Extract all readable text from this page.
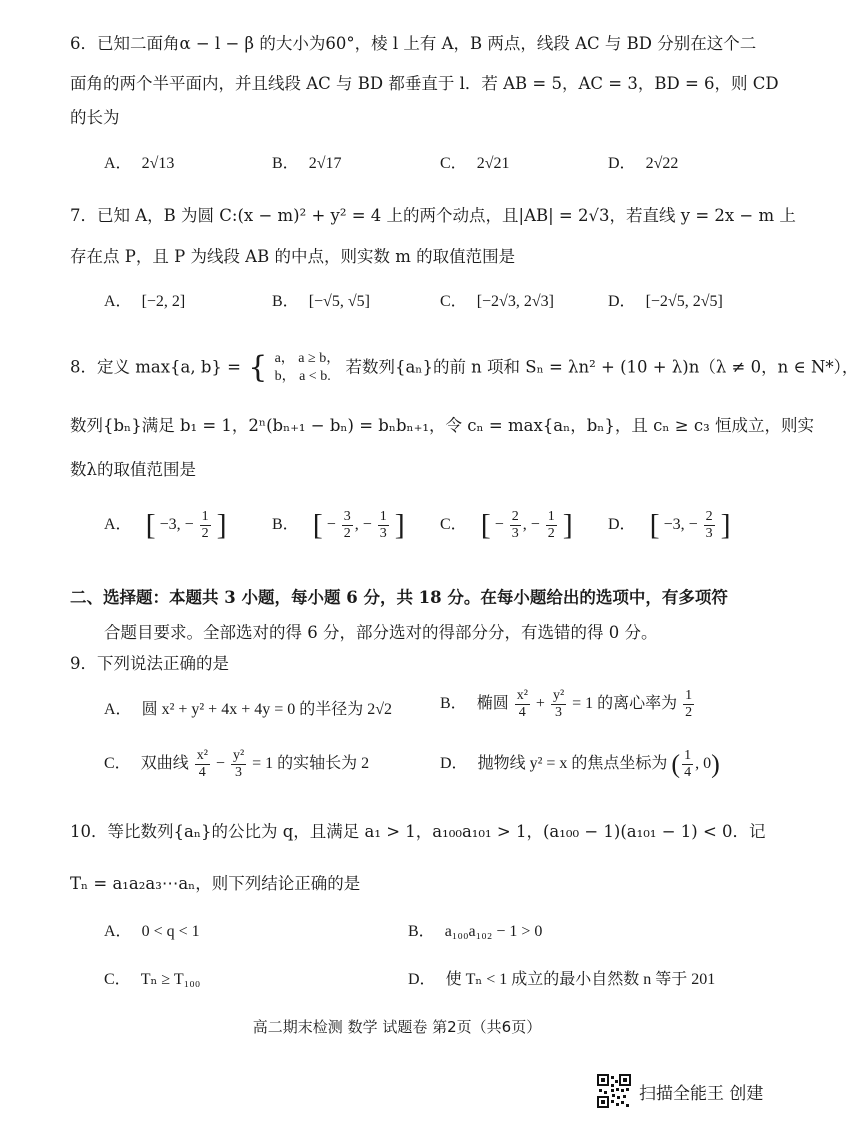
6．已知二面角α − l − β 的大小为60°，棱 l 上有 A，B 两点，线段 AC 与 BD 分别在这个二
面角的两个半平面内，并且线段 AC 与 BD 都垂直于 l．若 AB = 5，AC = 3，BD = 6，则 CD
的长为
A． 2√13	B． 2√17	C． 2√21	D． 2√22
7．已知 A，B 为圆 C:(x − m)² + y² = 4 上的两个动点，且|AB| = 2√3，若直线 y = 2x − m 上
存在点 P，且 P 为线段 AB 的中点，则实数 m 的取值范围是
A． [−2, 2]	B． [−√5, √5]	C． [−2√3, 2√3]	D． [−2√5, 2√5]
8．定义 max{a, b} = { a， a ≥ b，
b， a < b. 若数列{aₙ}的前 n 项和 Sₙ = λn² + (10 + λ)n（λ ≠ 0，n ∈ N*），
数列{bₙ}满足 b₁ = 1，2ⁿ(bₙ₊₁ − bₙ) = bₙbₙ₊₁，令 cₙ = max{aₙ，bₙ}，且 cₙ ≥ c₃ 恒成立，则实
数λ的取值范围是
A． [ −3, − $\frac{1}{2}$ ]	B． [ − $\frac{3}{2}$ , − $\frac{1}{3}$ ] C． [ − $\frac{2}{3}$ , − $\frac{1}{2}$ ] D． [ −3, − $\frac{2}{3}$ ]
二、选择题：本题共 3 小题，每小题 6 分，共 18 分。在每小题给出的选项中，有多项符
合题目要求。全部选对的得 6 分，部分选对的得部分分，有选错的得 0 分。
9．下列说法正确的是
A． 圆 x² + y² + 4x + 4y = 0 的半径为 2√2	B． 椭圆 $\frac{\text{x²}}{4} + \frac{\text{y²}}{3} = 1$ 的离心率为 $\frac{1}{2}$
C． 双曲线 $\frac{\text{x²}}{4} - \frac{\text{y²}}{3} = 1$ 的实轴长为 2	D． 抛物线 y² = x 的焦点坐标为 ( $\frac{1}{4}$ , 0)
10．等比数列{aₙ}的公比为 q，且满足 a₁ > 1，a₁₀₀a₁₀₁ > 1，(a₁₀₀ − 1)(a₁₀₁ − 1) < 0．记
Tₙ = a₁a₂a₃⋯aₙ，则下列结论正确的是
A． 0 < q < 1	B． a₁₀₀a₁₀₂ − 1 > 0
C． Tₙ ≥ T₁₀₀	D． 使 Tₙ < 1 成立的最小自然数 n 等于 201
高二期末检测 数学 试题卷 第2页（共6页）
扫描全能王 创建
